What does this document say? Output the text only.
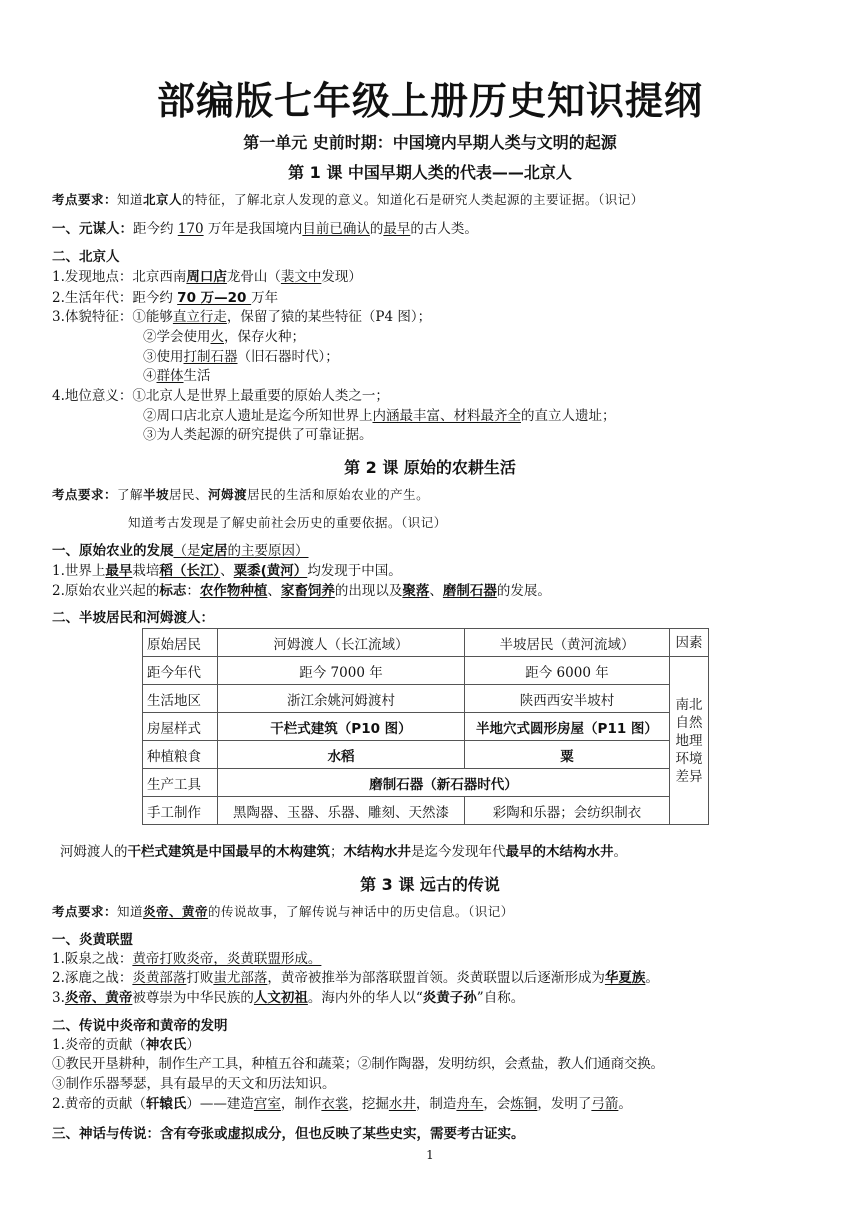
部编版七年级上册历史知识提纲
第一单元 史前时期：中国境内早期人类与文明的起源
第 1 课 中国早期人类的代表——北京人
考点要求：知道北京人的特征，了解北京人发现的意义。知道化石是研究人类起源的主要证据。（识记）
一、元谋人：距今约 170 万年是我国境内目前已确认的最早的古人类。
二、北京人
1.发现地点：北京西南周口店龙骨山（裴文中发现）
2.生活年代：距今约 70 万—20 万年
3.体貌特征：①能够直立行走，保留了猿的某些特征（P4 图）；
②学会使用火，保存火种；
③使用打制石器（旧石器时代）；
④群体生活
4.地位意义：①北京人是世界上最重要的原始人类之一；
②周口店北京人遗址是迄今所知世界上内涵最丰富、材料最齐全的直立人遗址；
③为人类起源的研究提供了可靠证据。
第 2 课 原始的农耕生活
考点要求：了解半坡居民、河姆渡居民的生活和原始农业的产生。
知道考古发现是了解史前社会历史的重要依据。（识记）
一、原始农业的发展（是定居的主要原因）
1.世界上最早栽培稻（长江）、粟黍(黄河）均发现于中国。
2.原始农业兴起的标志：农作物种植、家畜饲养的出现以及聚落、磨制石器的发展。
二、半坡居民和河姆渡人：
原始居民	河姆渡人（长江流域）	半坡居民（黄河流域）	因素
距今年代	距今 7000 年	距今 6000 年	南北自然地理环境差异
生活地区	浙江余姚河姆渡村	陕西西安半坡村	
房屋样式	干栏式建筑（P10 图）	半地穴式圆形房屋（P11 图）	
种植粮食	水稻	粟	
生产工具	磨制石器（新石器时代）		
手工制作	黑陶器、玉器、乐器、雕刻、天然漆	彩陶和乐器；会纺织制衣	
河姆渡人的干栏式建筑是中国最早的木构建筑；木结构水井是迄今发现年代最早的木结构水井。
第 3 课 远古的传说
考点要求：知道炎帝、黄帝的传说故事，了解传说与神话中的历史信息。（识记）
一、炎黄联盟
1.阪泉之战：黄帝打败炎帝，炎黄联盟形成。
2.涿鹿之战：炎黄部落打败蚩尤部落，黄帝被推举为部落联盟首领。炎黄联盟以后逐渐形成为华夏族。
3.炎帝、黄帝被尊崇为中华民族的人文初祖。海内外的华人以“炎黄子孙”自称。
二、传说中炎帝和黄帝的发明
1.炎帝的贡献（神农氏）
①教民开垦耕种，制作生产工具，种植五谷和蔬菜；②制作陶器，发明纺织，会煮盐，教人们通商交换。
③制作乐器琴瑟，具有最早的天文和历法知识。
2.黄帝的贡献（轩辕氏）——建造宫室，制作衣裳，挖掘水井，制造舟车，会炼铜，发明了弓箭。
三、神话与传说：含有夸张或虚拟成分，但也反映了某些史实，需要考古证实。
1
